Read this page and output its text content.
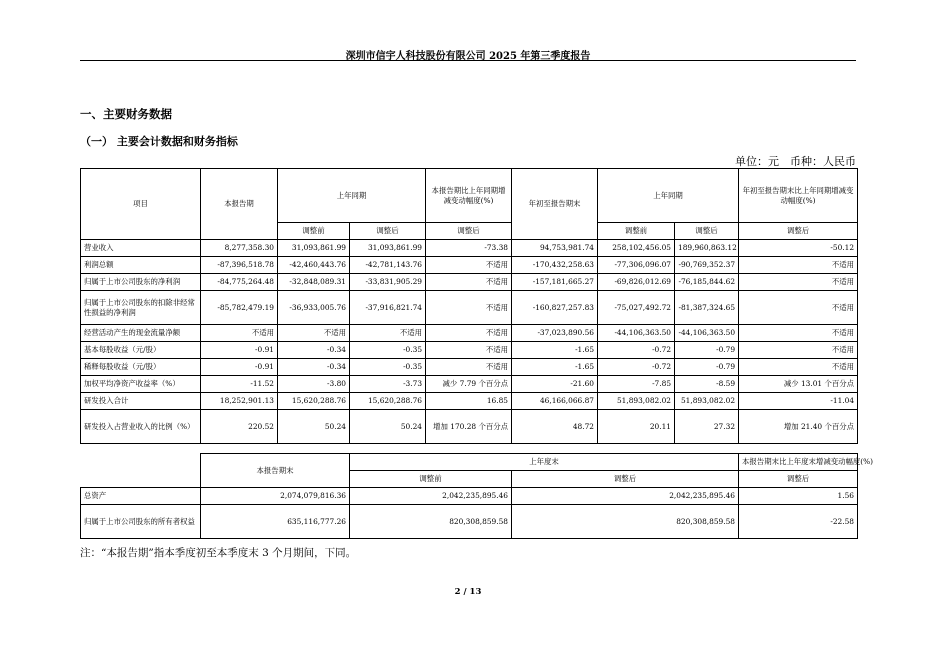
深圳市信宇人科技股份有限公司 2025 年第三季度报告
一、主要财务数据
（一） 主要会计数据和财务指标
单位：元　币种：人民币
项目	本报告期	上年同期		本报告期比上年同期增减变动幅度(%)	年初至报告期末	上年同期		年初至报告期末比上年同期增减变动幅度(%)
		调整前	调整后	调整后		调整前	调整后	调整后
营业收入	8,277,358.30	31,093,861.99	31,093,861.99	-73.38	94,753,981.74	258,102,456.05	189,960,863.12	-50.12
利润总额	-87,396,518.78	-42,460,443.76	-42,781,143.76	不适用	-170,432,258.63	-77,306,096.07	-90,769,352.37	不适用
归属于上市公司股东的净利润	-84,775,264.48	-32,848,089.31	-33,831,905.29	不适用	-157,181,665.27	-69,826,012.69	-76,185,844.62	不适用
归属于上市公司股东的扣除非经常性损益的净利润	-85,782,479.19	-36,933,005.76	-37,916,821.74	不适用	-160,827,257.83	-75,027,492.72	-81,387,324.65	不适用
经营活动产生的现金流量净额	不适用	不适用	不适用	不适用	-37,023,890.56	-44,106,363.50	-44,106,363.50	不适用
基本每股收益（元/股）	-0.91	-0.34	-0.35	不适用	-1.65	-0.72	-0.79	不适用
稀释每股收益（元/股）	-0.91	-0.34	-0.35	不适用	-1.65	-0.72	-0.79	不适用
加权平均净资产收益率（%）	-11.52	-3.80	-3.73	减少 7.79 个百分点	-21.60	-7.85	-8.59	减少 13.01 个百分点
研发投入合计	18,252,901.13	15,620,288.76	15,620,288.76	16.85	46,166,066.87	51,893,082.02	51,893,082.02	-11.04
研发投入占营业收入的比例（%）	220.52	50.24	50.24	增加 170.28 个百分点	48.72	20.11	27.32	增加 21.40 个百分点
	本报告期末	上年度末		本报告期末比上年度末增减变动幅度(%)
		调整前	调整后	调整后
总资产	2,074,079,816.36	2,042,235,895.46	2,042,235,895.46	1.56
归属于上市公司股东的所有者权益	635,116,777.26	820,308,859.58	820,308,859.58	-22.58
注：“本报告期”指本季度初至本季度末 3 个月期间，下同。
2 / 13
